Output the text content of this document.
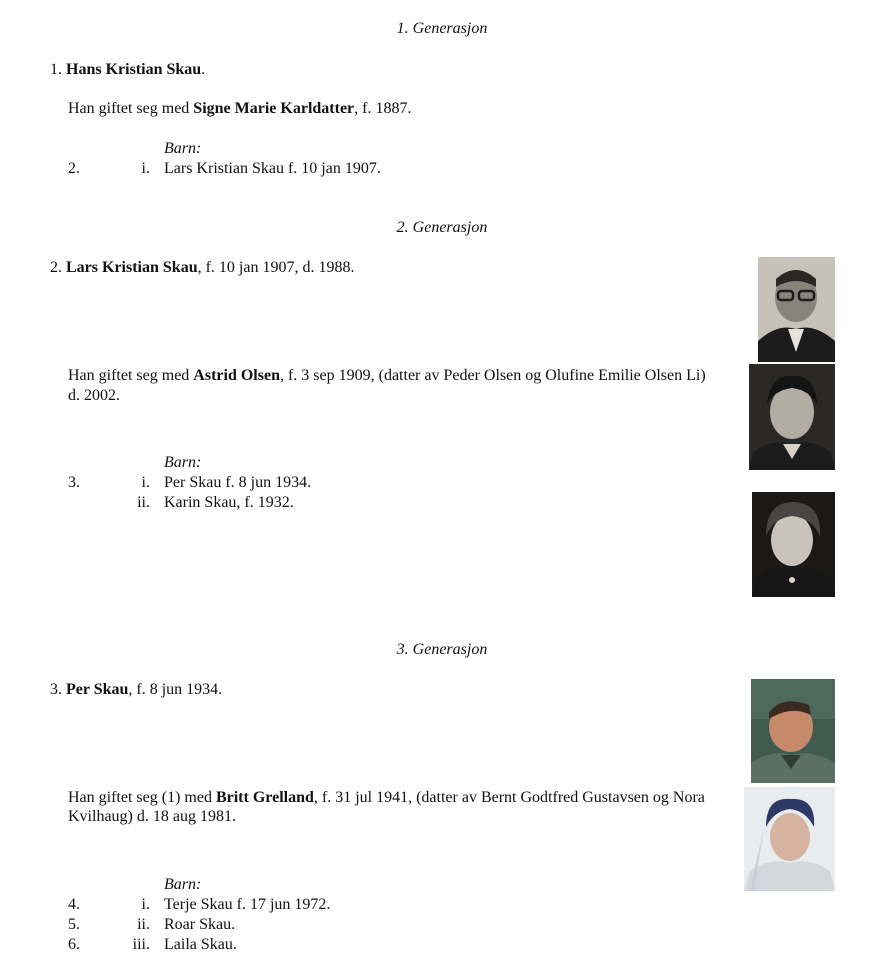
1. Generasjon
1. Hans Kristian Skau.
Han giftet seg med Signe Marie Karldatter, f. 1887.
Barn:
2.	i. Lars Kristian Skau f. 10 jan 1907.
2. Generasjon
2. Lars Kristian Skau, f. 10 jan 1907, d. 1988.
Han giftet seg med Astrid Olsen, f. 3 sep 1909, (datter av Peder Olsen og Olufine Emilie Olsen Li)
d. 2002.
Barn:
3.	i. Per Skau f. 8 jun 1934.
ii. Karin Skau, f. 1932.
3. Generasjon
3. Per Skau, f. 8 jun 1934.
Han giftet seg (1) med Britt Grelland, f. 31 jul 1941, (datter av Bernt Godtfred Gustavsen og Nora
Kvilhaug) d. 18 aug 1981.
Barn:
4.	i. Terje Skau f. 17 jun 1972.
5.	ii. Roar Skau.
6.	iii. Laila Skau.
